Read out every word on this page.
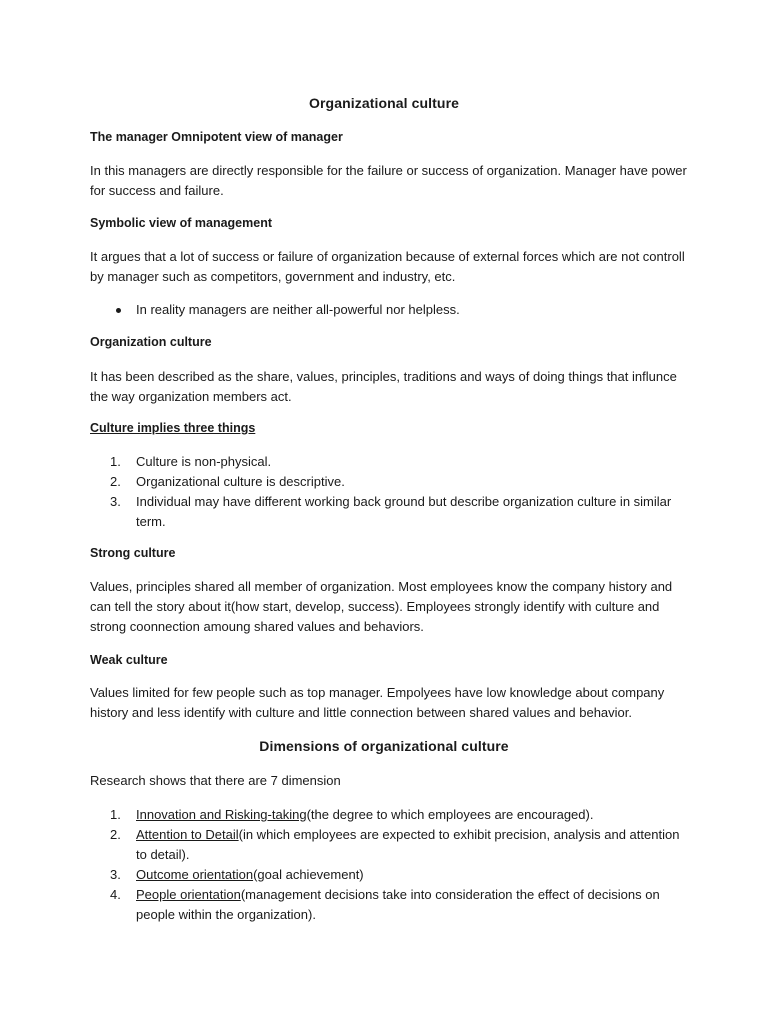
Organizational culture
The manager Omnipotent view of manager

In this managers are directly responsible for the failure or success of organization. Manager have power for success and failure.

Symbolic view of management

It argues that a lot of success or failure of organization because of external forces which are not controll by manager such as competitors, government and industry, etc.

In reality managers are neither all-powerful nor helpless.
Organization culture

It has been described as the share, values, principles, traditions and ways of doing things that influnce the way organization members act.

Culture implies three things
1. Culture is non-physical.
2. Organizational culture is descriptive.
3. Individual may have different working back ground but describe organization culture in similar term.
Strong culture

Values, principles shared all member of organization. Most employees know the company history and can tell the story about it(how start, develop, success). Employees strongly identify with culture and strong coonnection amoung shared values and behaviors.

Weak culture

Values limited for few people such as top manager. Empolyees have low knowledge about company history and less identify with culture and little connection between shared values and behavior.

Dimensions of organizational culture

Research shows that there are 7 dimension

1. Innovation and Risking-taking(the degree to which employees are encouraged).
2. Attention to Detail(in which employees are expected to exhibit precision, analysis and attention to detail).
3. Outcome orientation(goal achievement)
4. People orientation(management decisions take into consideration the effect of decisions on people within the organization).
